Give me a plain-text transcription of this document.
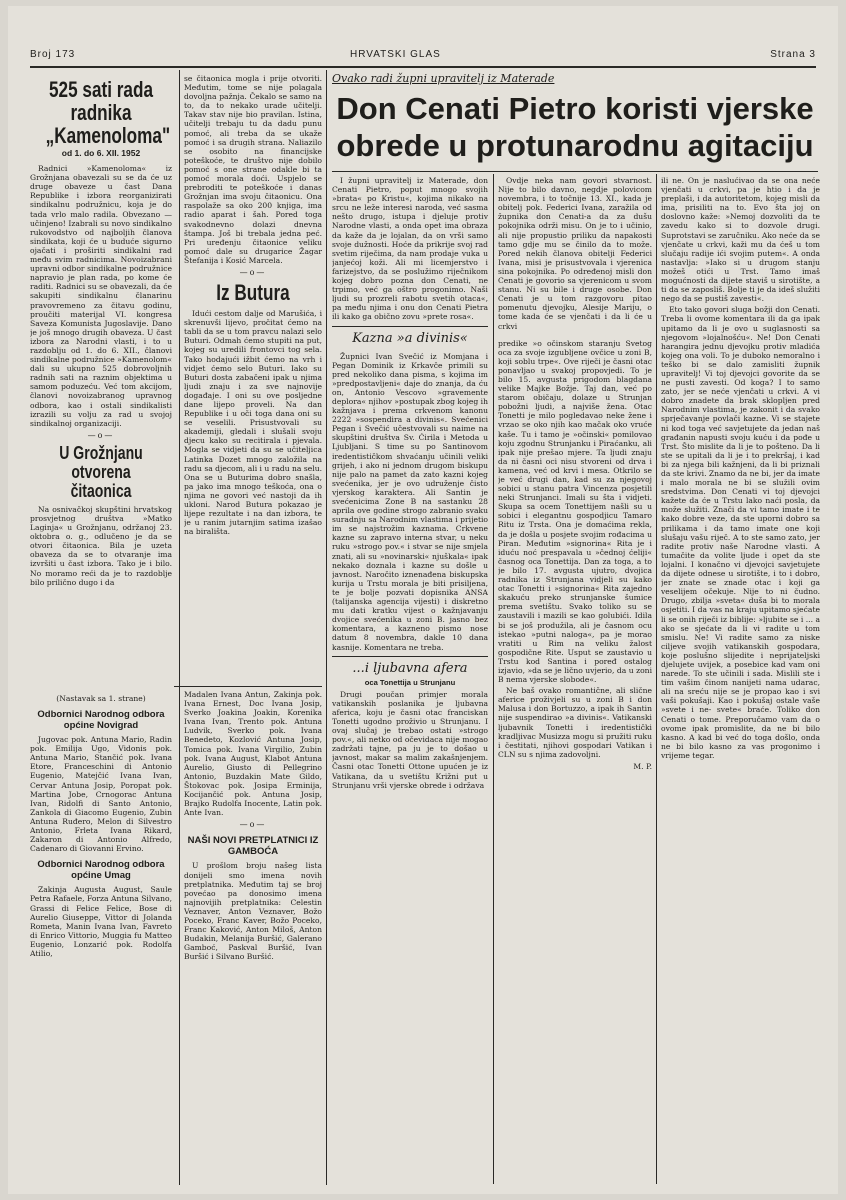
Broj 173	HRVATSKI GLAS	Strana 3
525 sati rada radnika „Kamenoloma"
od 1. do 6. XII. 1952

Radnici »Kamenoloma« iz Grožnjana obavezali su se da će uz druge obaveze u čast Dana Republike i izbora reorganizirati sindikalnu podružnicu, koja je do tada vrlo malo radila. Obvezano — učinjeno! Izabrali su novo sindikalno rukovodstvo od najboljih članova sindikata, koji će u buduće sigurno ojačati i proširiti sindikalni rad među svim radnicima. Novoizabrani upravni odbor sindikalne podružnice napravio je plan rada, po kome će raditi. Radnici su se obavezali, da će sakupiti sindikalnu članarinu pravovremeno za čitavu godinu, proučiti materijal VI. kongresa Saveza Komunista Jugoslavije. Dano je još mnogo drugih obaveza. U čast izbora za Narodni vlasti, i to u razdoblju od 1. do 6. XII., članovi sindikalne podružnice »Kamenolom« dali su ukupno 525 dobrovoljnih radnih sati na raznim objektima u samom poduzeću. Već tom akcijom, članovi novoizabranog upravnog odbora, kao i ostali sindikalisti izrazili su volju za rad u svojoj sindikalnoj organizaciji.

—o—
U Grožnjanu otvorena čitaonica

Na osnivačkoj skupštini hrvatskog prosvjetnog društva »Matko Laginja« u Grožnjanu, održanoj 23. oktobra o. g., odlučeno je da se otvori čitaonica. Bila je uzeta obaveza da se to otvaranje ima izvršiti u čast izbora. Tako je i bilo. No moramo reći da je to razdoblje bilo prilično dugo i da

se čitaonica mogla i prije otvoriti. Međutim, tome se nije polagala dovoljna pažnja. Čekalo se samo na to, da to nekako urade učitelji. Takav stav nije bio pravilan. Istina, učitelji trebaju tu da dadu punu pomoć, ali treba da se ukaže pomoć i sa drugih strana. Naliazilo se osobito na financijske poteškoće, te društvo nije dobilo pomoć s one strane odakle bi ta pomoć morala doći. Uspjelo se prebroditi te poteškoće i danas Grožnjan ima svoju čitaonicu. Ona raspolaže sa oko 200 knjiga, ima radio aparat i šah. Pored toga svakodnevno dolazi dnevna štampa. Još bi trebala jedna peć. Pri uređenju čitaonice veliku pomoć dale su drugarice Žagar Štefanija i Kosić Marcela.

—o—
Iz Butura

Idući cestom dalje od Marušića, i skrenuvši lijevo, pročitat ćemo na tabli da se u tom pravcu nalazi selo Buturi. Odmah ćemo stupiti na put, kojeg su uredili frontovci tog sela. Tako hodajući ižbit ćemo na vrh i vidjet ćemo selo Buturi. Iako su Buturi dosta zabačeni ipak u njima ljudi znaju i za sve najnovije događaje. I oni su ove posljedne dane lijepo proveli. Na dan Republike i u oči toga dana oni su se veselili. Prisustvovali su akademiji, gledali i slušali svoju djecu kako su recitirala i pjevala. Mogla se vidjeti da su se učiteljica Latinka Dozet mnogo založila na radu sa djecom, ali i u radu na selu. Ona se u Buturima dobro snašla, pa jako ima mnogo teškoća, ona o njima ne govori već nastoji da ih ukloni. Narod Butura pokazao je lijepe rezultate i na dan izbora, te je u ranim jutarnjim satima izašao na birališta.

(Nastavak sa 1. strane)
Odbornici Narodnog odbora općine Novigrad

Jugovac pok. Antuna Mario, Radin pok. Emilija Ugo, Vidonis pok. Antuna Mario, Stančić pok. Ivana Etore, Franceschini di Antonio Eugenio, Matejčić Ivana Ivan, Cervar Antuna Josip, Poropat pok. Martina Jobe, Crnogorac Antuna Ivan, Ridolfi di Santo Antonio, Zankola di Giacomo Eugenio, Zubin Antuna Ruđero, Melon di Silvestro Antonio, Frleta Ivana Rikard, Zakaron di Antonio Alfredo, Cadenaro di Giovanni Ervino.

Odbornici Narodnog odbora općine Umag

Zakinja Augusta August, Saule Petra Rafaele, Forza Antuna Silvano, Grassi di Felice Felice, Bose di Aurelio Giuseppe, Vittor di Jolanda Rometa, Manin Ivana Ivan, Favreto di Enrico Vittorio, Muggia fu Matteo Eugenio, Lonzarić pok. Rodolfa Atilio,

Madalen Ivana Antun, Zakinja pok. Ivana Ernest, Doc Ivana Josip, Sverko Joakina Joakin, Korenika Ivana Ivan, Trento pok. Antuna Ludvik, Sverko pok. Ivana Benedeto, Kozlović Antuna Josip, Tomica pok. Ivana Virgilio, Zubin pok. Ivana August, Klabot Antuna Aurelio, Giusto di Pellegrino Antonio, Buzdakin Mate Gildo, Štokovac pok. Josipa Erminija, Kocijančić pok. Antuna Josip, Brajko Rudolfa Inocente, Latin pok. Ante Ivan.

—o—
NAŠI NOVI PRETPLATNICI IZ GAMBOĆA

U prošlom broju našeg lista donijeli smo imena novih pretplatnika. Međutim taj se broj povećao pa donosimo imena najnovijih pretplatnika: Celestin Veznaver, Anton Veznaver, Božo Poceko, Franc Kaver, Božo Poceko, Franc Kaković, Anton Miloš, Anton Budakin, Melanija Buršić, Galerano Gamboć, Paskval Buršić, Ivan Buršić i Silvano Buršić.

Ovako radi župni upravitelj iz Materade
Don Cenati Pietro koristi vjerske obrede u protunarodnu agitaciju

I župni upravitelj iz Materade, don Cenati Pietro, poput mnogo svojih »brata« po Kristu«, kojima nikako na srcu ne leže interesi naroda, već sasma nešto drugo, istupa i djeluje protiv Narodne vlasti, a onda opet ima obraza da kaže da je lojalan, da on vrši samo svoje dužnosti. Hoće da prikrije svoj rad svetim riječima, da nam prodaje vuka u janjećoj koži. Ali mi licemjerstvo i farizejstvo, da se poslužimo riječnikom kojeg dobro pozna don Cenati, ne trpimo, već ga oštro progonimo. Naši ljudi su prozreli rabotu svetih otaca«, pa među njima i onu don Cenati Pietra ili kako ga obično zovu »prete rosa«.

Kazna »a divinis«

Župnici Ivan Svečić iz Momjana i Pegan Dominik iz Krkavče primili su pred nekoliko dana pisma, s kojima im »predpostavljeni« daje do znanja, da ću on, Antonio Vescovo »gravemente deplora« njihov »postupak zbog kojeg ih kažnjava i prema crkvenom kanonu 2222 »sospendira a divinis«. Svećenici Pegan i Svečić učestvovali su naime na skupštini društva Sv. Ćirila i Metoda u Ljubljani. S time su po Santinovom iredentističkom shvaćanju učinili veliki grijeh, i ako ni jednom drugom biskupu nije palo na pamet da zato kazni kojeg svećenika, jer je ovo udruženje čisto vjerskog karaktera. Ali Santin je svećenicima Zone B na sastanku 28 aprila ove godine strogo zabranio svaku suradnju sa Narodnim vlastima i prijetio im se najstrožim kaznama. Crkvene kazne su zapravo interna stvar, u neku ruku »strogo pov.« i stvar se nije smjela znati, ali su »novinarski« njuškala« ipak nekako doznala i kazne su došle u javnost. Naročito iznenađena biskupska kurija u Trstu morala je biti prisiljena, te je bolje pozvati dopisnika ANSA (talijanska agencija vijesti) i diskretno mu dati kratku vijest o kažnjavanju dvojice svećenika u zoni B. jasno bez komentara, a kazneno pismo nose datum 8 novembra, dakle 10 dana kasnije. Komentara ne treba.

...i ljubavna afera
oca Tonettija u Strunjanu

Drugi poučan primjer morala vatikanskih poslanika je ljubavna aferica, koju je časni otac franciskan Tonetti ugodno proživio u Strunjanu. I ovaj slučaj je trebao ostati »strogo pov.«, ali netko od očevidaca nije mogao zadržati tajne, pa ju je to došao u javnost, makar sa malim zakašnjenjem. Časni otac Tonetti Ottone upućen je iz Vatikana, da u svetištu Križni put u Strunjanu vrši vjerske obrede i održava

Ovdje neka nam govori stvarnost. Nije to bilo davno, negdje polovicom novembra, i to točnije 13. XI., kada je obitelj pok. Federici Ivana, zaražila od župnika don Cenati-a da za dušu pokojnika održi misu. On je to i učinio, ali nije propustio priliku da napakosti tamo gdje mu se činilo da to može. Pored nekih članova obitelji Federici Ivana, misi je prisustvovala i vjerenica sina pokojnika. Po određenoj misli don Cenati je govorio sa vjerenicom u svom stanu. Ni su bile i druge osobe. Don Cenati je u tom razgovoru pitao pomenutu djevojku, Alesije Mariju, o tome kada će se vjenčati i da li će u crkvi

predike »o očinskom staranju Svetog oca za svoje izgubljene ovčice u zoni B, koji soblu trpe«. Ove riječi je časni otac ponavljao u svakoj propovjedi. To je bilo 15. avgusta prigodom blagdana velike Majke Božje. Taj dan, već po starom običaju, dolaze u Strunjan pobožni ljudi, a najviše žena. Otac Tonetti je milo pogledavao neke žene i vrzao se oko njih kao mačak oko vruće kaše. Tu i tamo je »očinski« pomilovao koju zgodnu Strunjanku i Piraćanku, ali ipak nije prešao mjere. Ta ljudi znaju da ni časni oci nisu stvoreni od drva i kamena, već od krvi i mesa. Otkrilo se je već drugi dan, kad su za njegovoj sobici u stanu patra Vincenza posjetili neki Strunjanci. Imali su šta i vidjeti. Skupa sa ocem Tonettijem našli su u sobici i elegantnu gospodjicu Tamaro Ritu iz Trsta. Ona je domaćima rekla, da je došla u posjete svojim rođacima u Piran. Međutim »signorina« Rita je i iduću noć prespavala u »čednoj ćeliji« časnog oca Tonettija. Dan za toga, a to je bilo 17. avgusta ujutro, dvojica radnika iz Strunjana vidjeli su kako otac Tonetti i »signorina« Rita zajedno skakuću preko strunjanske šumice prema svetištu. Svako toliko su se zaustavili i mazili se kao golubići. Idila bi se još produžila, ali je časnom ocu istekao »putni naloga«, pa je morao vratiti u Rim na veliku žalost gospodične Rite. Usput se zaustavio u Trstu kod Santina i poređ ostalog izjavio, »da se je lično uvjerio, da u zoni B nema vjerske slobode«.

Ne baš ovako romantične, ali slične aferice proživjeli su u zoni B i don Malusa i don Bortuzzo, a ipak ih Santin nije suspendirao »a divinis«. Vatikanski ljubavnik Tonetti i iredentistički kradljivac Musizza mogu si pružiti ruku i čestitati, njihovi gospodari Vatikan i CLN su s njima zadovoljni.

M. P.

ili ne. On je naslućivao da se ona neće vjenčati u crkvi, pa je htio i da je preplaši, i da autoritetom, kojeg misli da ima, prisiliti na to. Evo šta joj on doslovno kaže: »Nemoj dozvoliti da te zavedu kako si to dozvole drugi. Suprotstavi se zaručniku. Ako neće da se vjenčate u crkvi, kaži mu da ćeš u tom slučaju radije ići svojim putem«. A onda nastavlja: »Iako si u drugom stanju možeš otići u Trst. Tamo imaš mogućnosti da dijete staviš u sirotište, a ti da se zaposliš. Bolje ti je da ideš služiti nego da se pustiš zavesti«.

Eto tako govori sluga božji don Cenati. Treba li ovome komentara ili da ga ipak upitamo da li je ovo u suglasnosti sa njegovom »lojalnošću«. Ne! Don Cenati harangira jednu djevojku protiv mladića kojeg ona voli. To je duboko nemoralno i teško bi se dalo zamisliti župnik upravitelj! Vi toj djevojci govorite da se ne pusti zavesti. Od koga? I to samo zato, jer se neće vjenčati u crkvi. A vi dobro znadete da brak sklopljen pred Narodnim vlastima, je zakonit i da svako sprječavanje povlači kazne. Vi se stajete ni kod toga već savjetujete da jedan naš građanin napusti svoju kuću i da pođe u Trst. Što mislite da li je to pošteno. Da li ste se upitali da li je i to prekršaj, i kad bi za njega bili kažnjeni, da li bi priznali da ste krivi. Znamo da ne bi, jer da imate i malo morala ne bi se služili ovim sredstvima. Don Cenati vi toj djevojci kažete da će u Trstu lako naći posla, da može služiti. Znači da vi tamo imate i te kako dobre veze, da ste uporni dobro sa prilikama i da tamo imate one koji slušaju vašu riječ. A to ste samo zato, jer radite protiv naše Narodne vlasti. A tumačite da volite ljude i opet da ste lojalni. I konačno vi djevojci savjetujete da dijete odnese u sirotište, i to i dobro, jer znate se znade otac i koji ga veselijem očekuje. Nije to ni čudno. Drugo, zbilja »sveta« duša bi to morala osjetiti. I da vas na kraju upitamo sjećate li se onih riječi iz biblije: »ljubite se i ... a ako se sjećate da li vi radite u tom smislu. Ne! Vi radite samo za niske ciljeve svojih vatikanskih gospodara, koje poslušno slijedite i neprijateljski djelujete uvijek, a posebice kad vam oni narede. To ste učinili i sada. Mislili ste i tim vašim činom nanijeti nama udarac, ali na sreću nije se je propao kao i svi vaši pokušaji. Kao i pokušaj ostale vaše »svete i ne- svete« braće. Toliko don Cenati o tome. Preporučamo vam da o ovome ipak promislite, da ne bi bilo kasno. A kad bi već do toga došlo, onda ne bi bilo kasno za vas progonimo i vrijeme tegar.
